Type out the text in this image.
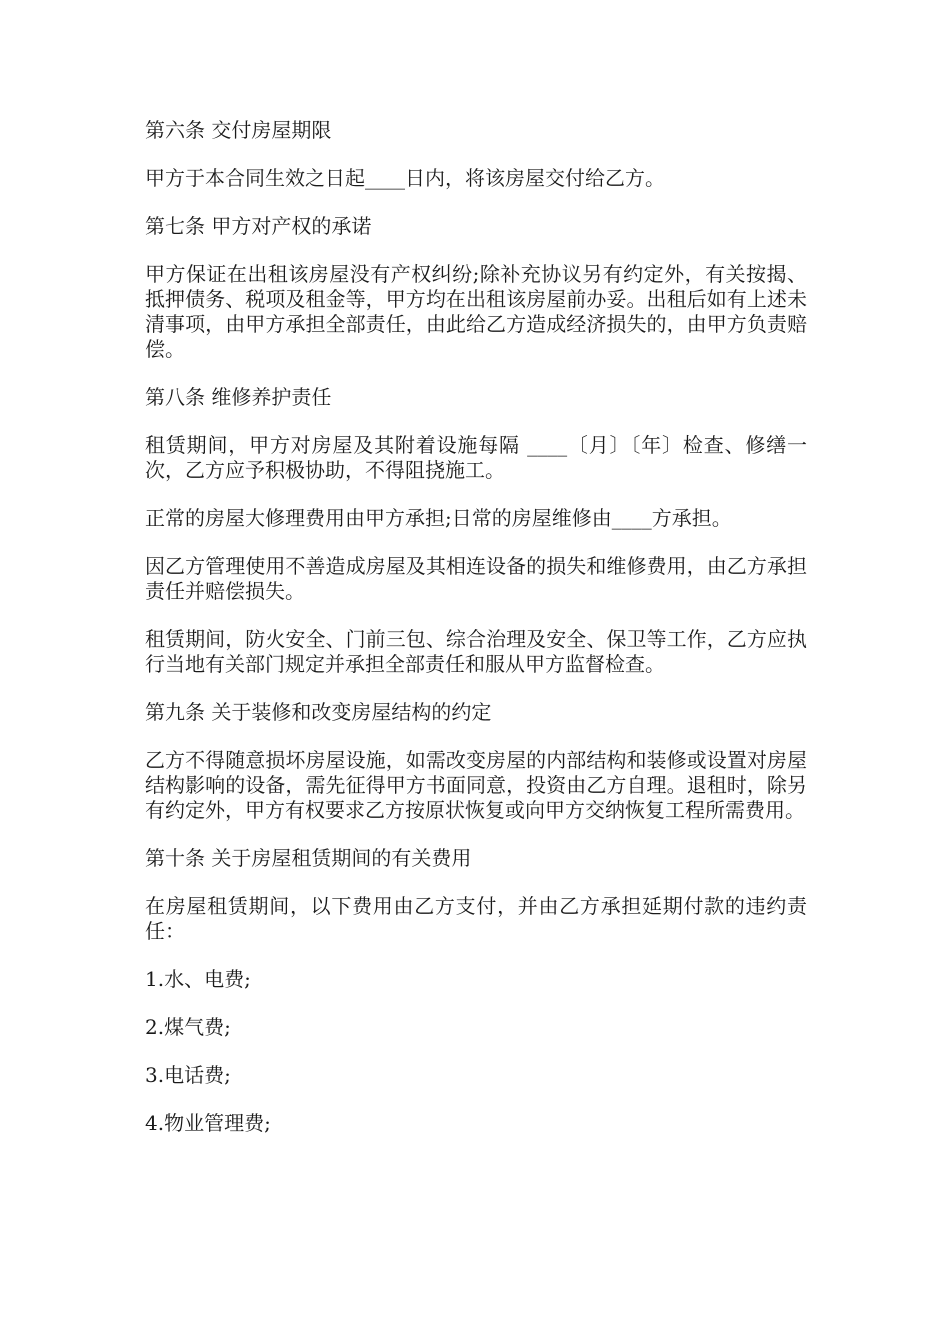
第六条 交付房屋期限

甲方于本合同生效之日起____日内，将该房屋交付给乙方。

第七条 甲方对产权的承诺

甲方保证在出租该房屋没有产权纠纷;除补充协议另有约定外，有关按揭、抵押债务、税项及租金等，甲方均在出租该房屋前办妥。出租后如有上述未清事项，由甲方承担全部责任，由此给乙方造成经济损失的，由甲方负责赔偿。

第八条 维修养护责任

租赁期间，甲方对房屋及其附着设施每隔 ____〔月〕〔年〕检查、修缮一次，乙方应予积极协助，不得阻挠施工。

正常的房屋大修理费用由甲方承担;日常的房屋维修由____方承担。

因乙方管理使用不善造成房屋及其相连设备的损失和维修费用，由乙方承担责任并赔偿损失。

租赁期间，防火安全、门前三包、综合治理及安全、保卫等工作，乙方应执行当地有关部门规定并承担全部责任和服从甲方监督检查。

第九条 关于装修和改变房屋结构的约定

乙方不得随意损坏房屋设施，如需改变房屋的内部结构和装修或设置对房屋结构影响的设备，需先征得甲方书面同意，投资由乙方自理。退租时，除另有约定外，甲方有权要求乙方按原状恢复或向甲方交纳恢复工程所需费用。

第十条 关于房屋租赁期间的有关费用

在房屋租赁期间，以下费用由乙方支付，并由乙方承担延期付款的违约责任：

1.水、电费;

2.煤气费;

3.电话费;

4.物业管理费;
